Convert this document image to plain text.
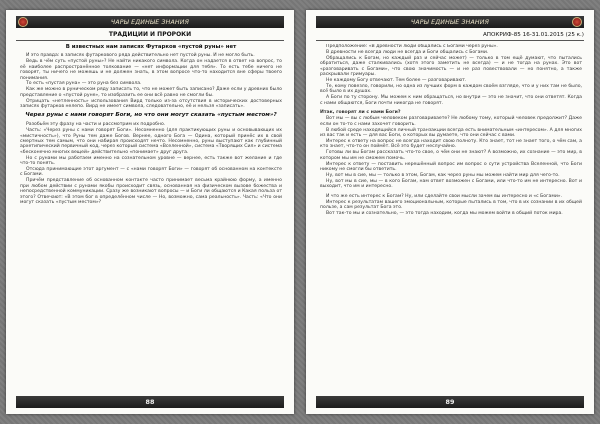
ЧАРЫ ЕДИНЫЕ ЗНАНИЯ
ТРАДИЦИИ И ПРОРОКИ
В известных нам записях Футарков «пустой руны» нет

И это правда: в записях футаркового ряда действительно нет пустой руны. И не могло быть.

Ведь в чём суть «пустой руны»? Не найти никакого символа. Когда он надается в ответ на вопрос, то её наиболее распространённое толкование — «нет информации для тебя». То есть тебе ничего не говорят, ты ничего не можешь и не должен знать, в этом вопросе что-то находится вне сферы твоего понимания.

То есть «пустая руна» — это руна без символа.

Как же можно в руническом ряду записать то, что не может быть записано? Даже если у древних было представление о «пустой руне», то изобразить ее они всё равно не смогли бы.

Отрицать «нетленность» использования Вирд только из-за отсутствия в исторических достоверных записях футарков нелепо. Вирд не имеет символа, следовательно, её и нельзя «записать».

Через руны с нами говорят Боги, но что они могут сказать «пустым местом»?

Разобьём эту фразу на части и рассмотрим их подробно.

Часть: «Через руны с нами говорят Боги». Несомненно (для практикующих руны и основывающих их «мистичность»), что Руны тем даже Богов. Вернее, одного Бога — Одина, который принёс их в свой смертных тем самым, что они набирая происходят нечто. Несомненно, руны выступают как глубинный архетипический первичный код, через который система «Вселенной», система «Творящих Сил» и система «бесконечно многих вещей» действительно «понимает» друг друга.

Но с рунами мы работаем именно на сознательном уровне — вернее, есть также вот желание и где что-то понять.

Отсюда принимающие этот аргумент — с «нами говорят Боги» — говорят об основанном на контексте с Богами.

Причём представление об основанном контакте часто принимает весьма крайнюю форму, а именно при любом действии с рунами якобы происходит связь, основанная на физическом вызове божества и непосредственной коммуникации. Сразу же возникают вопросы — и Боги ли общаются и Какая польза от этого? Отвечают: «В этом бог в определённом числе — Но, возможно, сама реальность». Часть: «Что они могут сказать «пустым местом»?

88
ЧАРЫ ЕДИНЫЕ ЗНАНИЯ
АПОКРИФ-85 16-31.01.2015 (25 к.)

Предположение: «В древности люди общались с Богами через руны».

В древности не всегда люди не всегда и Боги общались с Богами.

Обращались к Богам, но каждый раз и сейчас может) — только в том ещё думают, что пытались обратиться, даже сталкивались (хотя этого заметить не всегда) — и не тогда на рунах. Это вот «разговаривать с Богами», что свою значимость — и не раз повествовали — но понятно, а также раскрывали гримуары.

Не каждому Богу отвечают. Тем более — разговаривают.

Те, кому повезло, говорили, но одна из лучших форм в каждом своём взгляде, что и у них там не было, всё было в их душах.

А Боги по ту сторону. Мы можем к ним обращаться, но внутри — это не значит, что они ответят. Когда с нами общаются, Боги почти никогда не говорят.

Итак, говорят ли с нами Боги?

Вот мы — вы с любым человеком разговариваете? Не любому тому, который человек предолжит? Даже если он то-то с нами захочет говорить.

В любой среде находящийся личный транзакции всегда есть внимательным «интересом». А для многих из вас так и есть — для вас Боги, о которых вы думаете, что они сейчас с вами.

Интерес к ответу на вопрос не всегда находит свою полноту. Кто знает, тот не знает того, о чём сам, а кто знает, что-то он поймёт. Всё это будет неслучайно.

Готовы ли вы Богам рассказать что-то свое, о чём они не знают? А возможно, их сознание — это мир, в котором мы им не сможем помочь.

Интерес к ответу — поставить нерешённый вопрос им вопрос о сути устройства Вселенной, что Боги никому не смогли бы ответить.

Ну, вот мы в сие, мы — только в этом, Богам, как через руны мы можем найти мир для чего-то.

Ну, вот мы в сие, мы — в кого Богам, нам ответ возможен с Богами, или что-то им не интересно. Вот и выходит, что им и интересно.

И что же есть интерес к Богам? Ну, или сделайте свои мысли зачем вы интересно и «с Богами».

Интерес к результатам вашего эмоциональным, которые пытались в том, что в их сознании в их общей пользе, а сам результат Бога это.

Вот так-то мы и сознательно, — это тогда находим, когда мы можем войти в общий поток мира.

89
